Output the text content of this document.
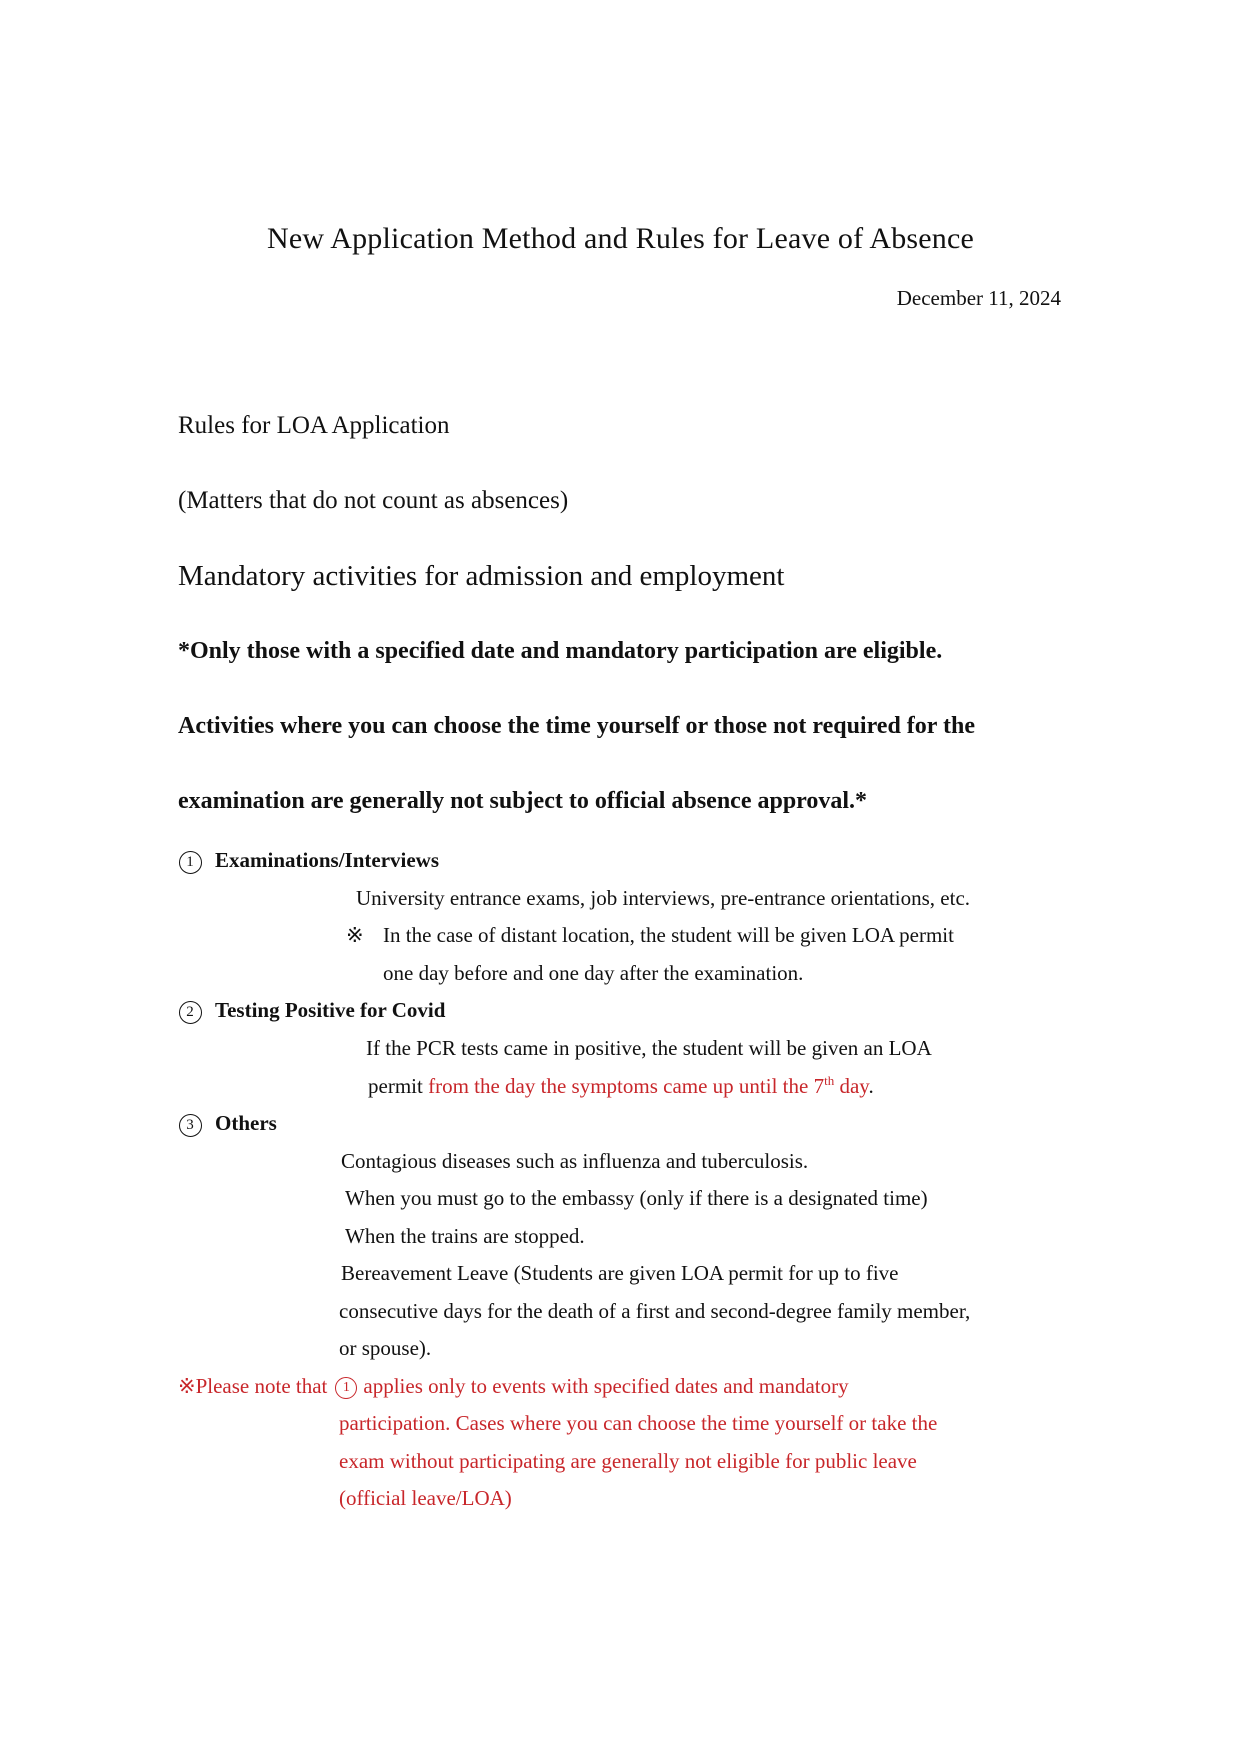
New Application Method and Rules for Leave of Absence
December 11, 2024
Rules for LOA Application
(Matters that do not count as absences)
Mandatory activities for admission and employment
*Only those with a specified date and mandatory participation are eligible.
Activities where you can choose the time yourself or those not required for the
examination are generally not subject to official absence approval.*
1	Examinations/Interviews
University entrance exams, job interviews, pre-entrance orientations, etc.
※ In the case of distant location, the student will be given LOA permit
one day before and one day after the examination.
2	Testing Positive for Covid
If the PCR tests came in positive, the student will be given an LOA
permit from the day the symptoms came up until the 7th day.
3	Others
Contagious diseases such as influenza and tuberculosis.
When you must go to the embassy (only if there is a designated time)
When the trains are stopped.
Bereavement Leave (Students are given LOA permit for up to five
consecutive days for the death of a first and second-degree family member,
or spouse).
※Please note that 1 applies only to events with specified dates and mandatory
participation. Cases where you can choose the time yourself or take the
exam without participating are generally not eligible for public leave
(official leave/LOA)
